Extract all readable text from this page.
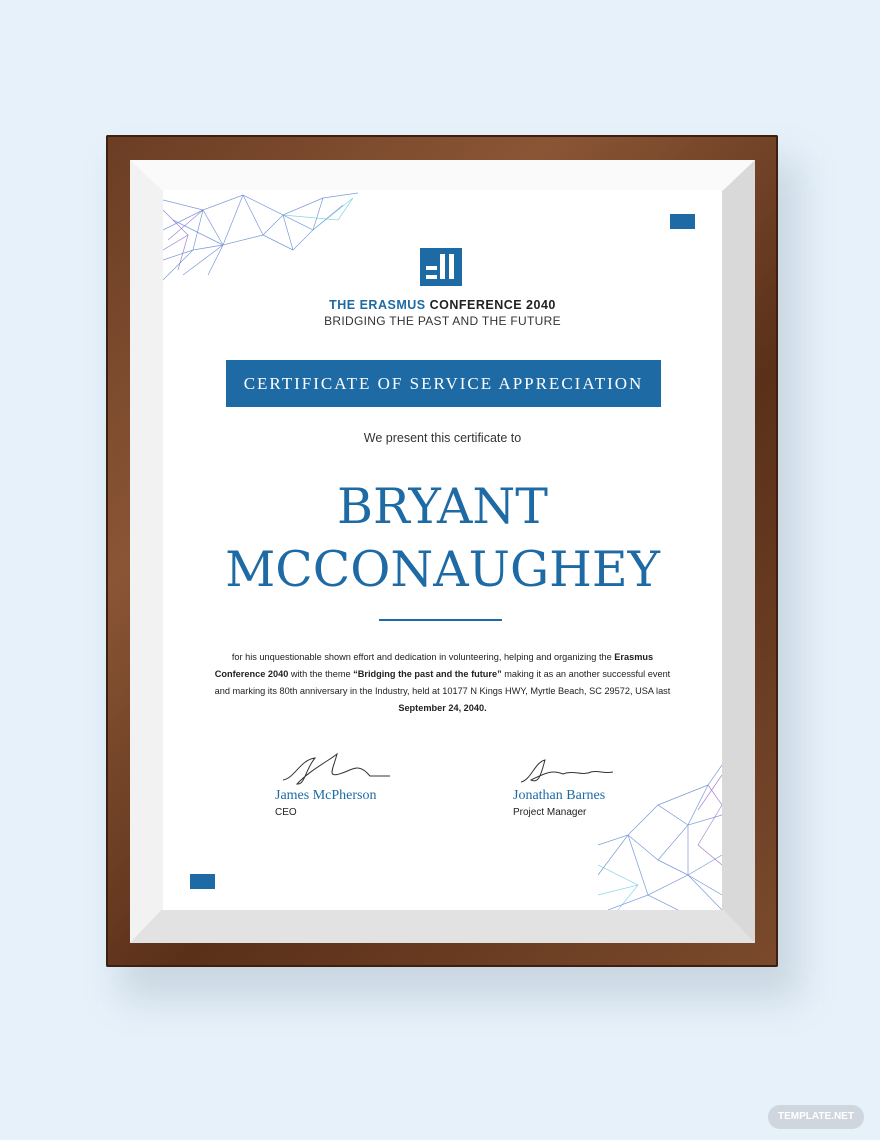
THE ERASMUS CONFERENCE 2040
BRIDGING THE PAST AND THE FUTURE
CERTIFICATE OF SERVICE APPRECIATION
We present this certificate to
BRYANT
MCCONAUGHEY
for his unquestionable shown effort and dedication in volunteering, helping and organizing the Erasmus Conference 2040 with the theme “Bridging the past and the future” making it as an another successful event and marking its 80th anniversary in the Industry, held at 10177 N Kings HWY, Myrtle Beach, SC 29572, USA last September 24, 2040.
James McPherson
CEO
Jonathan Barnes
Project Manager
TEMPLATE.NET
